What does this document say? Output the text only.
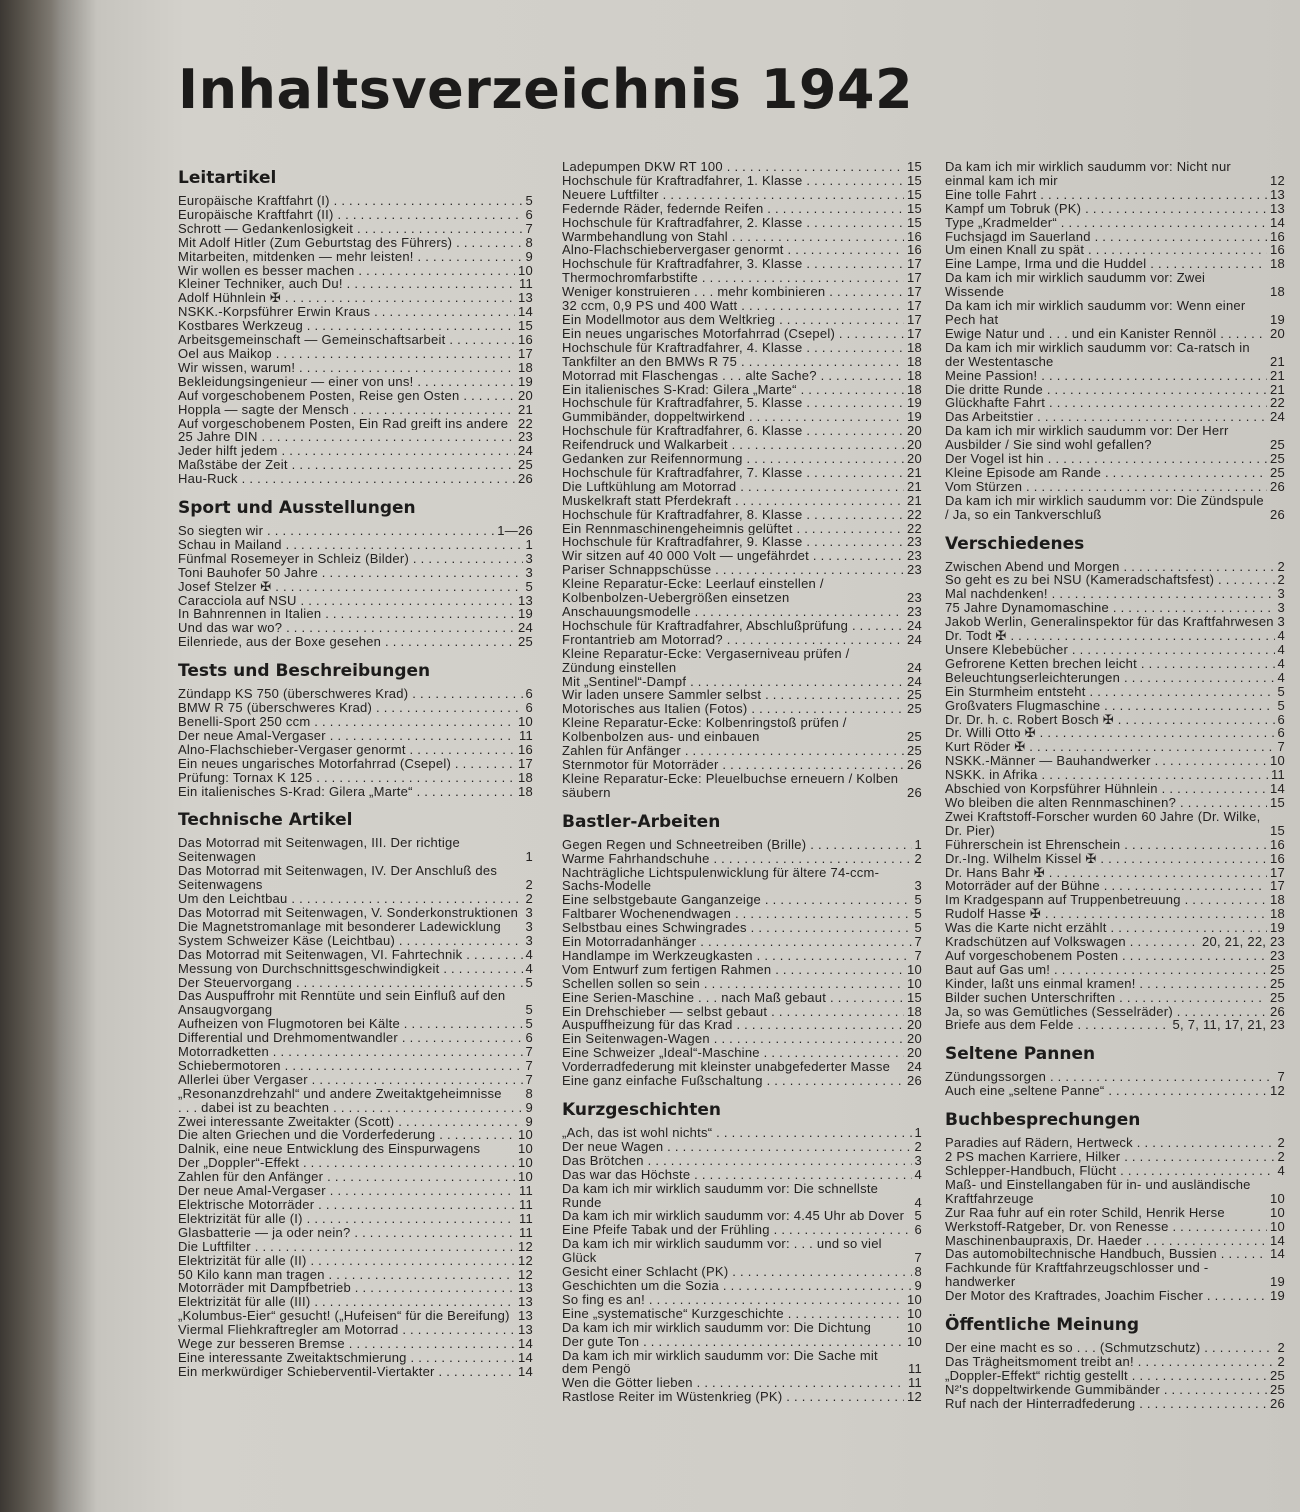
Inhaltsverzeichnis 1942
Leitartikel
Europäische Kraftfahrt (I) . . .	5
Europäische Kraftfahrt (II) . . .	6
Schrott — Gedankenlosigkeit . . .	7
Mit Adolf Hitler (Zum Geburtstag des Führers) . . .	8
Mitarbeiten, mitdenken — mehr leisten! . . .	9
Wir wollen es besser machen . . .	10
Kleiner Techniker, auch Du! . . .	11
Adolf Hühnlein ✠ . . .	13
NSKK.-Korpsführer Erwin Kraus . . .	14
Kostbares Werkzeug . . .	15
Arbeitsgemeinschaft — Gemeinschaftsarbeit . . .	16
Oel aus Maikop . . .	17
Wir wissen, warum! . . .	18
Bekleidungsingenieur — einer von uns! . . .	19
Auf vorgeschobenem Posten, Reise gen Osten . . .	20
Hoppla — sagte der Mensch . . .	21
Auf vorgeschobenem Posten, Ein Rad greift ins andere 22
25 Jahre DIN . . .	23
Jeder hilft jedem . . .	24
Maßstäbe der Zeit . . .	25
Hau-Ruck . . .	26
Sport und Ausstellungen
So siegten wir . . .	1—26
Schau in Mailand . . .	1
Fünfmal Rosemeyer in Schleiz (Bilder) . . .	3
Toni Bauhofer 50 Jahre . . .	3
Josef Stelzer ✠ . . .	5
Caracciola auf NSU . . .	13
In Bahnrennen in Italien . . .	19
Und das war wo? . . .	24
Eilenriede, aus der Boxe gesehen . . .	25
Tests und Beschreibungen
Zündapp KS 750 (überschweres Krad) . . .	6
BMW R 75 (überschweres Krad) . . .	6
Benelli-Sport 250 ccm . . .	10
Der neue Amal-Vergaser . . .	11
Alno-Flachschieber-Vergaser genormt . . .	16
Ein neues ungarisches Motorfahrrad (Csepel) . . .	17
Prüfung: Tornax K 125 . . .	18
Ein italienisches S-Krad: Gilera „Marte“ . . .	18
Technische Artikel
Das Motorrad mit Seitenwagen, III. Der richtige Seitenwagen	1
Das Motorrad mit Seitenwagen, IV. Der Anschluß des Seitenwagens	2
Um den Leichtbau . . .	2
Das Motorrad mit Seitenwagen, V. Sonderkonstruktionen 3
Die Magnetstromanlage mit besonderer Ladewicklung	3
System Schweizer Käse (Leichtbau) . . .	3
Das Motorrad mit Seitenwagen, VI. Fahrtechnik . . .	4
Messung von Durchschnittsgeschwindigkeit . . .	4
Der Steuervorgang . . .	5
Das Auspuffrohr mit Renntüte und sein Einfluß auf den Ansaugvorgang	5
Aufheizen von Flugmotoren bei Kälte . . .	5
Differential und Drehmomentwandler . . .	6
Motorradketten . . .	7
Schiebermotoren . . .	7
Allerlei über Vergaser . . .	7
„Resonanzdrehzahl“ und andere Zweitaktgeheimnisse	8
. . . dabei ist zu beachten . . .	9
Zwei interessante Zweitakter (Scott) . . .	9
Die alten Griechen und die Vorderfederung . . .	10
Dalnik, eine neue Entwicklung des Einspurwagens	10
Der „Doppler“-Effekt . . .	10
Zahlen für den Anfänger . . .	10
Der neue Amal-Vergaser . . .	11
Elektrische Motorräder . . .	11
Elektrizität für alle (I) . . .	11
Glasbatterie — ja oder nein? . . .	11
Die Luftfilter . . .	12
Elektrizität für alle (II) . . .	12
50 Kilo kann man tragen . . .	12
Motorräder mit Dampfbetrieb . . .	13
Elektrizität für alle (III) . . .	13
„Kolumbus-Eier“ gesucht! („Hufeisen“ für die Bereifung) 13
Viermal Fliehkraftregler am Motorrad . . .	13
Wege zur besseren Bremse . . .	14
Eine interessante Zweitaktschmierung . . .	14
Ein merkwürdiger Schieberventil-Viertakter . . .	14
Ladepumpen DKW RT 100 . . .	15
Hochschule für Kraftradfahrer, 1. Klasse . . .	15
Neuere Luftfilter . . .	15
Federnde Räder, federnde Reifen . . .	15
Hochschule für Kraftradfahrer, 2. Klasse . . .	15
Warmbehandlung von Stahl . . .	16
Alno-Flachschiebervergaser genormt . . .	16
Hochschule für Kraftradfahrer, 3. Klasse . . .	17
Thermochromfarbstifte . . .	17
Weniger konstruieren . . . mehr kombinieren . . .	17
32 ccm, 0,9 PS und 400 Watt . . .	17
Ein Modellmotor aus dem Weltkrieg . . .	17
Ein neues ungarisches Motorfahrrad (Csepel) . . .	17
Hochschule für Kraftradfahrer, 4. Klasse . . .	18
Tankfilter an den BMWs R 75 . . .	18
Motorrad mit Flaschengas . . . alte Sache? . . .	18
Ein italienisches S-Krad: Gilera „Marte“ . . .	18
Hochschule für Kraftradfahrer, 5. Klasse . . .	19
Gummibänder, doppeltwirkend . . .	19
Hochschule für Kraftradfahrer, 6. Klasse . . .	20
Reifendruck und Walkarbeit . . .	20
Gedanken zur Reifennormung . . .	20
Hochschule für Kraftradfahrer, 7. Klasse . . .	21
Die Luftkühlung am Motorrad . . .	21
Muskelkraft statt Pferdekraft . . .	21
Hochschule für Kraftradfahrer, 8. Klasse . . .	22
Ein Rennmaschinengeheimnis gelüftet . . .	22
Hochschule für Kraftradfahrer, 9. Klasse . . .	23
Wir sitzen auf 40 000 Volt — ungefährdet . . .	23
Pariser Schnappschüsse . . .	23
Kleine Reparatur-Ecke: Leerlauf einstellen / Kolbenbolzen-Uebergrößen einsetzen	23
Anschauungsmodelle . . .	23
Hochschule für Kraftradfahrer, Abschlußprüfung . . .	24
Frontantrieb am Motorrad? . . .	24
Kleine Reparatur-Ecke: Vergaserniveau prüfen / Zündung einstellen	24
Mit „Sentinel“-Dampf . . .	24
Wir laden unsere Sammler selbst . . .	25
Motorisches aus Italien (Fotos) . . .	25
Kleine Reparatur-Ecke: Kolbenringstoß prüfen / Kolbenbolzen aus- und einbauen	25
Zahlen für Anfänger . . .	25
Sternmotor für Motorräder . . .	26
Kleine Reparatur-Ecke: Pleuelbuchse erneuern / Kolben säubern	26
Bastler-Arbeiten
Gegen Regen und Schneetreiben (Brille) . . .	1
Warme Fahrhandschuhe . . .	2
Nachträgliche Lichtspulenwicklung für ältere 74-ccm-Sachs-Modelle	3
Eine selbstgebaute Ganganzeige . . .	5
Faltbarer Wochenendwagen . . .	5
Selbstbau eines Schwingrades . . .	5
Ein Motorradanhänger . . .	7
Handlampe im Werkzeugkasten . . .	7
Vom Entwurf zum fertigen Rahmen . . .	10
Schellen sollen so sein . . .	10
Eine Serien-Maschine . . . nach Maß gebaut . . .	15
Ein Drehschieber — selbst gebaut . . .	18
Auspuffheizung für das Krad . . .	20
Ein Seitenwagen-Wagen . . .	20
Eine Schweizer „Ideal“-Maschine . . .	20
Vorderradfederung mit kleinster unabgefederter Masse	24
Eine ganz einfache Fußschaltung . . .	26
Kurzgeschichten
„Ach, das ist wohl nichts“ . . .	1
Der neue Wagen . . .	2
Das Brötchen . . .	3
Das war das Höchste . . .	4
Da kam ich mir wirklich saudumm vor: Die schnellste Runde	4
Da kam ich mir wirklich saudumm vor: 4.45 Uhr ab Dover 5
Eine Pfeife Tabak und der Frühling . . .	6
Da kam ich mir wirklich saudumm vor: . . . und so viel Glück	7
Gesicht einer Schlacht (PK) . . .	8
Geschichten um die Sozia . . .	9
So fing es an! . . .	10
Eine „systematische“ Kurzgeschichte . . .	10
Da kam ich mir wirklich saudumm vor: Die Dichtung	10
Der gute Ton . . .	10
Da kam ich mir wirklich saudumm vor: Die Sache mit dem Pengö	11
Wen die Götter lieben . . .	11
Rastlose Reiter im Wüstenkrieg (PK) . . .	12
Da kam ich mir wirklich saudumm vor: Nicht nur einmal kam ich mir	12
Eine tolle Fahrt . . .	13
Kampf um Tobruk (PK) . . .	13
Type „Kradmelder“ . . .	14
Fuchsjagd im Sauerland . . .	16
Um einen Knall zu spät . . .	16
Eine Lampe, Irma und die Huddel . . .	18
Da kam ich mir wirklich saudumm vor: Zwei Wissende	18
Da kam ich mir wirklich saudumm vor: Wenn einer Pech hat	19
Ewige Natur und . . . und ein Kanister Rennöl . . .	20
Da kam ich mir wirklich saudumm vor: Ca-ratsch in der Westentasche	21
Meine Passion! . . .	21
Die dritte Runde . . .	21
Glückhafte Fahrt . . .	22
Das Arbeitstier . . .	24
Da kam ich mir wirklich saudumm vor: Der Herr Ausbilder / Sie sind wohl gefallen?	25
Der Vogel ist hin . . .	25
Kleine Episode am Rande . . .	25
Vom Stürzen . . .	26
Da kam ich mir wirklich saudumm vor: Die Zündspule / Ja, so ein Tankverschluß	26
Verschiedenes
Zwischen Abend und Morgen . . .	2
So geht es zu bei NSU (Kameradschaftsfest) . . .	2
Mal nachdenken! . . .	3
75 Jahre Dynamomaschine . . .	3
Jakob Werlin, Generalinspektor für das Kraftfahrwesen 3
Dr. Todt ✠ . . .	4
Unsere Klebebücher . . .	4
Gefrorene Ketten brechen leicht . . .	4
Beleuchtungserleichterungen . . .	4
Ein Sturmheim entsteht . . .	5
Großvaters Flugmaschine . . .	5
Dr. Dr. h. c. Robert Bosch ✠ . . .	6
Dr. Willi Otto ✠ . . .	6
Kurt Röder ✠ . . .	7
NSKK.-Männer — Bauhandwerker . . .	10
NSKK. in Afrika . . .	11
Abschied von Korpsführer Hühnlein . . .	14
Wo bleiben die alten Rennmaschinen? . . .	15
Zwei Kraftstoff-Forscher wurden 60 Jahre (Dr. Wilke, Dr. Pier)	15
Führerschein ist Ehrenschein . . .	16
Dr.-Ing. Wilhelm Kissel ✠ . . .	16
Dr. Hans Bahr ✠ . . .	17
Motorräder auf der Bühne . . .	17
Im Kradgespann auf Truppenbetreuung . . .	18
Rudolf Hasse ✠ . . .	18
Was die Karte nicht erzählt . . .	19
Kradschützen auf Volkswagen . . .	20, 21, 22, 23
Auf vorgeschobenem Posten . . .	23
Baut auf Gas um! . . .	25
Kinder, laßt uns einmal kramen! . . .	25
Bilder suchen Unterschriften . . .	25
Ja, so was Gemütliches (Sesselräder) . . .	26
Briefe aus dem Felde . . .	5, 7, 11, 17, 21, 23
Seltene Pannen
Zündungssorgen . . .	7
Auch eine „seltene Panne“ . . .	12
Buchbesprechungen
Paradies auf Rädern, Hertweck . . .	2
2 PS machen Karriere, Hilker . . .	2
Schlepper-Handbuch, Flücht . . .	4
Maß- und Einstellangaben für in- und ausländische Kraftfahrzeuge	10
Zur Raa fuhr auf ein roter Schild, Henrik Herse	10
Werkstoff-Ratgeber, Dr. von Renesse . . .	10
Maschinenbaupraxis, Dr. Haeder . . .	14
Das automobiltechnische Handbuch, Bussien . . .	14
Fachkunde für Kraftfahrzeugschlosser und -handwerker	19
Der Motor des Kraftrades, Joachim Fischer . . .	19
Öffentliche Meinung
Der eine macht es so . . . (Schmutzschutz) . . .	2
Das Trägheitsmoment treibt an! . . .	2
„Doppler-Effekt“ richtig gestellt . . .	25
N²'s doppeltwirkende Gummibänder . . .	25
Ruf nach der Hinterradfederung . . .	26
